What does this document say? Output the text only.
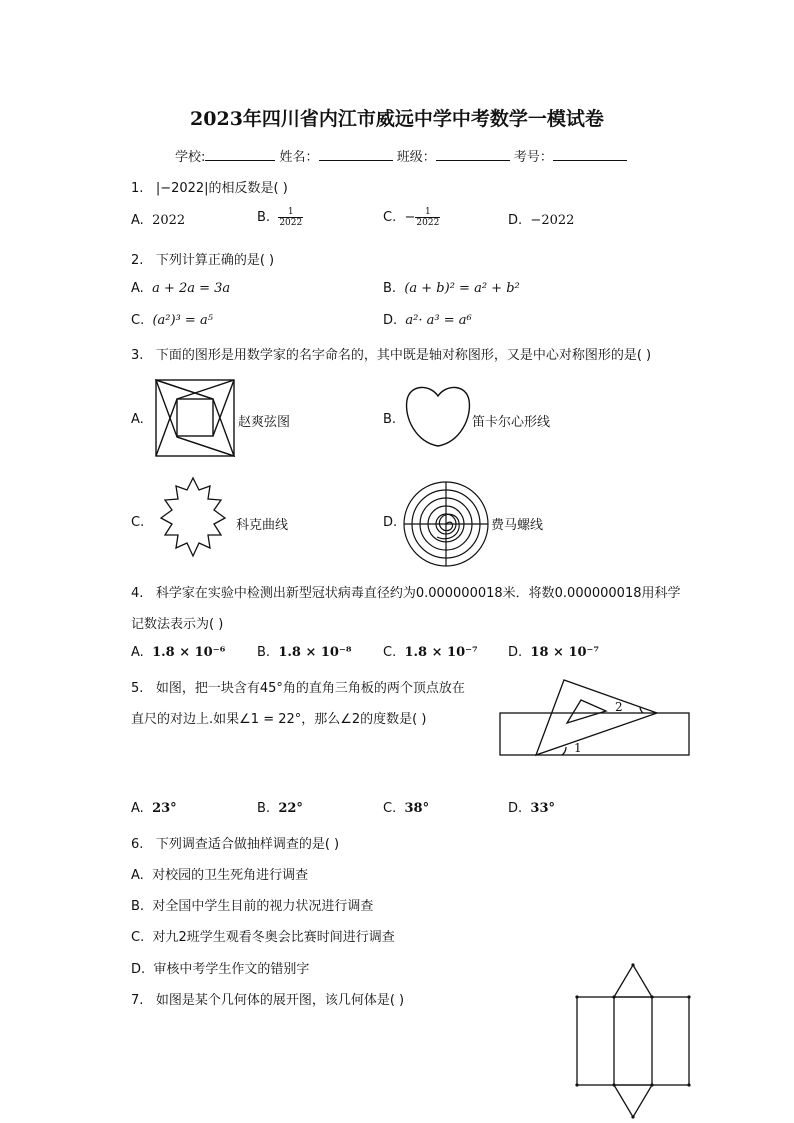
2023年四川省内江市威远中学中考数学一模试卷
学校:	姓名：	班级：	考号：
1. |−2022|的相反数是( )
A. 2022	B. $\frac{1}{2022}$	C. − $\frac{1}{2022}$	D. −2022
2. 下列计算正确的是( )
A. a + 2a = 3a	B. (a + b)² = a² + b²
C. (a²)³ = a⁵	D. a²· a³ = a⁶
3. 下面的图形是用数学家的名字命名的，其中既是轴对称图形，又是中心对称图形的是( )
A.	赵爽弦图	B.	笛卡尔心形线
C.	科克曲线	D.	费马螺线
4. 科学家在实验中检测出新型冠状病毒直径约为0.000000018米．将数0.000000018用科学
记数法表示为( )
A. 1.8 × 10⁻⁶ B. 1.8 × 10⁻⁸ C. 1.8 × 10⁻⁷ D. 18 × 10⁻⁷
5. 如图，把一块含有45°角的直角三角板的两个顶点放在
直尺的对边上.如果∠1 = 22°，那么∠2的度数是( )
2
1
A. 23°	B. 22°	C. 38°	D. 33°
6. 下列调查适合做抽样调查的是( )
A. 对校园的卫生死角进行调查
B. 对全国中学生目前的视力状况进行调查
C. 对九2班学生观看冬奥会比赛时间进行调查
D. 审核中考学生作文的错别字
7. 如图是某个几何体的展开图，该几何体是( )
